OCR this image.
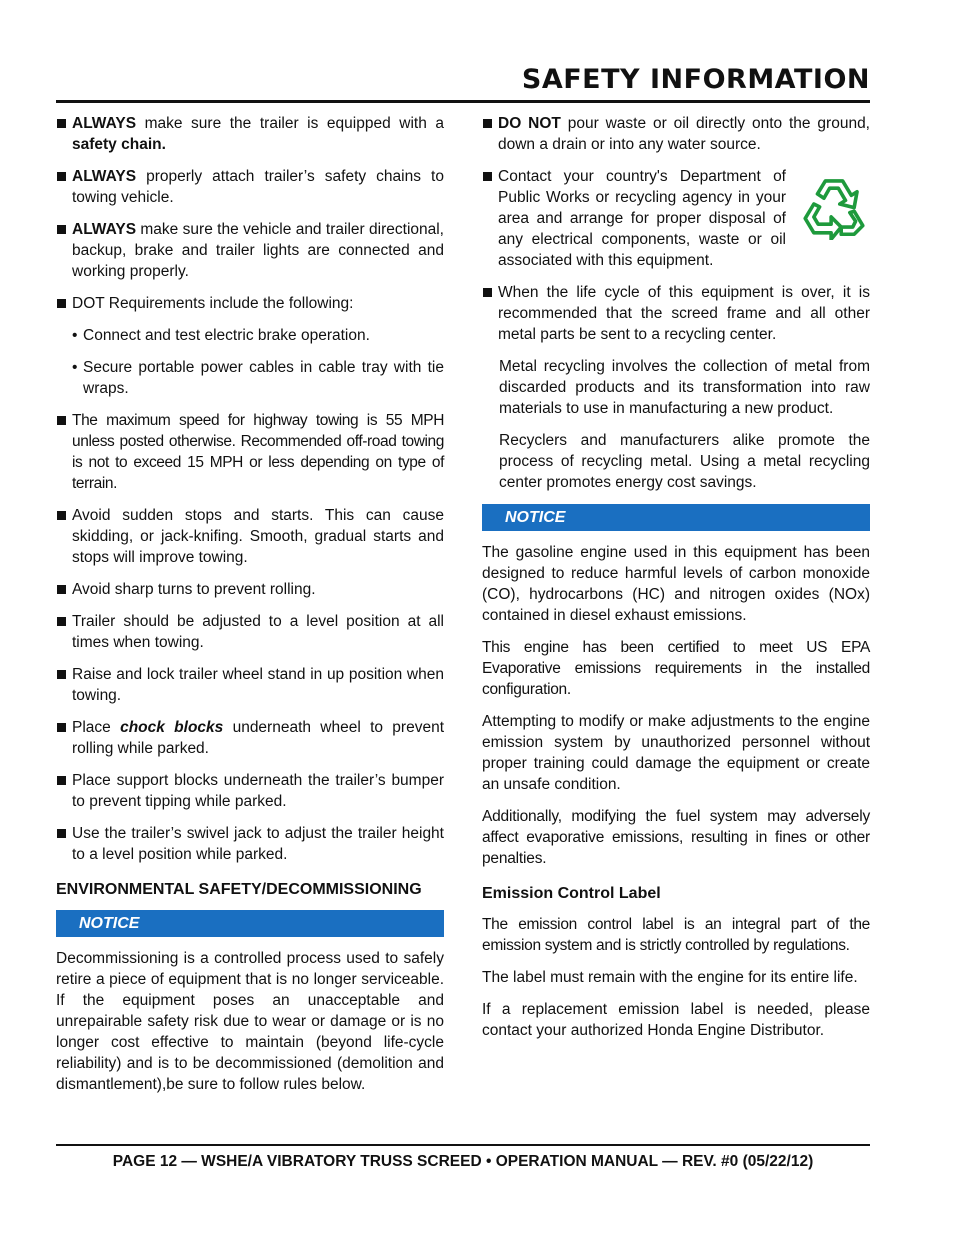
SAFETY INFORMATION
ALWAYS make sure the trailer is equipped with a safety chain.
ALWAYS properly attach trailer’s safety chains to towing vehicle.
ALWAYS make sure the vehicle and trailer directional, backup, brake and trailer lights are connected and working properly.
DOT Requirements include the following:
• Connect and test electric brake operation.
• Secure portable power cables in cable tray with tie wraps.
The maximum speed for highway towing is 55 MPH unless posted otherwise. Recommended off-road towing is not to exceed 15 MPH or less depending on type of terrain.
Avoid sudden stops and starts. This can cause skidding, or jack-knifing. Smooth, gradual starts and stops will improve towing.
Avoid sharp turns to prevent rolling.
Trailer should be adjusted to a level position at all times when towing.
Raise and lock trailer wheel stand in up position when towing.
Place chock blocks underneath wheel to prevent rolling while parked.
Place support blocks underneath the trailer’s bumper to prevent tipping while parked.
Use the trailer’s swivel jack to adjust the trailer height to a level position while parked.
ENVIRONMENTAL SAFETY/DECOMMISSIONING
NOTICE
Decommissioning is a controlled process used to safely retire a piece of equipment that is no longer serviceable. If the equipment poses an unacceptable and unrepairable safety risk due to wear or damage or is no longer cost effective to maintain (beyond life-cycle reliability) and is to be decommissioned (demolition and dismantlement),be sure to follow rules below.
DO NOT pour waste or oil directly onto the ground, down a drain or into any water source.
Contact your country's Department of Public Works or recycling agency in your area and arrange for proper disposal of any electrical components, waste or oil associated with this equipment.
When the life cycle of this equipment is over, it is recommended that the screed frame and all other metal parts be sent to a recycling center.
Metal recycling involves the collection of metal from discarded products and its transformation into raw materials to use in manufacturing a new product.
Recyclers and manufacturers alike promote the process of recycling metal. Using a metal recycling center promotes energy cost savings.
NOTICE
The gasoline engine used in this equipment has been designed to reduce harmful levels of carbon monoxide (CO), hydrocarbons (HC) and nitrogen oxides (NOx) contained in diesel exhaust emissions.
This engine has been certified to meet US EPA Evaporative emissions requirements in the installed configuration.
Attempting to modify or make adjustments to the engine emission system by unauthorized personnel without proper training could damage the equipment or create an unsafe condition.
Additionally, modifying the fuel system may adversely affect evaporative emissions, resulting in fines or other penalties.
Emission Control Label
The emission control label is an integral part of the emission system and is strictly controlled by regulations.
The label must remain with the engine for its entire life.
If a replacement emission label is needed, please contact your authorized Honda Engine Distributor.
PAGE 12 — WSHE/A VIBRATORY TRUSS SCREED • OPERATION MANUAL — REV. #0 (05/22/12)
